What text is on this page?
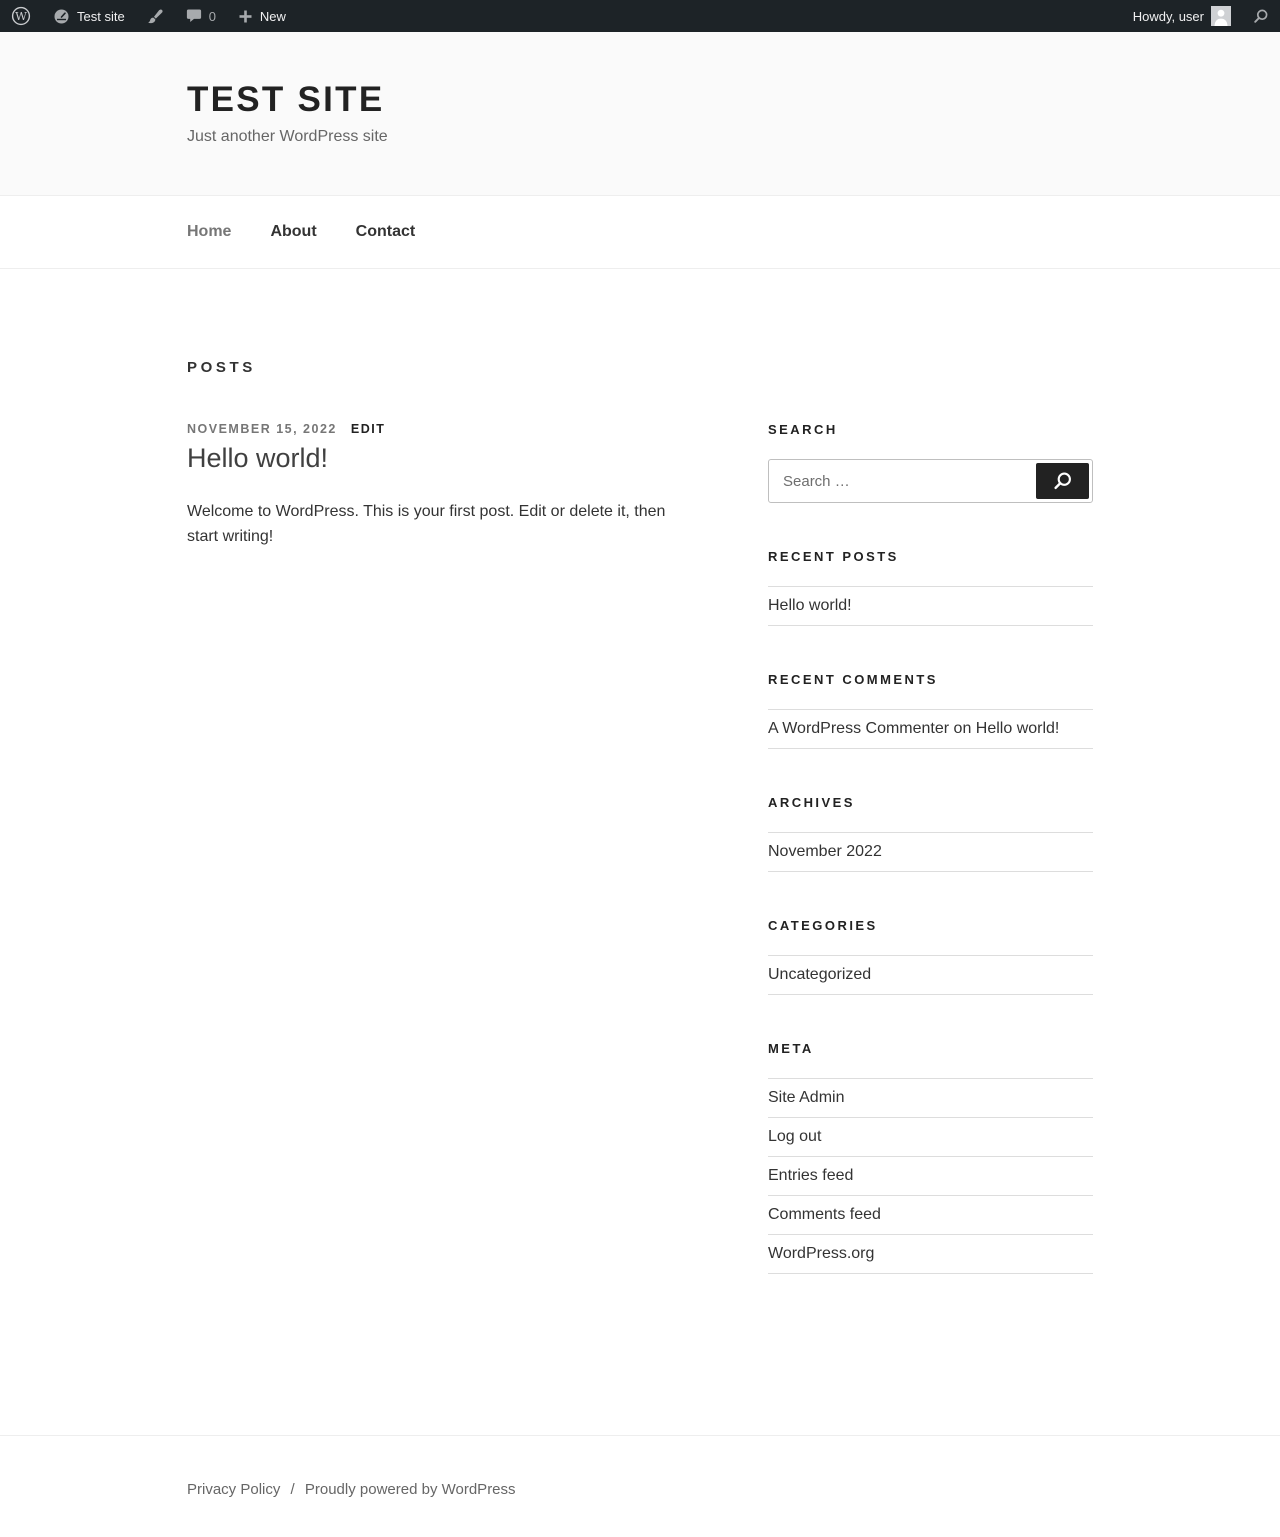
W	Test site	0	New	Howdy, user
TEST SITE

Just another WordPress site

Home About Contact
POSTS
NOVEMBER 15, 2022 EDIT
Hello world!

Welcome to WordPress. This is your first post. Edit or delete it, then start writing!

SEARCH
Search …
RECENT POSTS
Hello world!
RECENT COMMENTS
A WordPress Commenter on Hello world!
ARCHIVES
November 2022
CATEGORIES
Uncategorized
META
Site Admin
Log out
Entries feed
Comments feed
WordPress.org
Privacy Policy / Proudly powered by WordPress
